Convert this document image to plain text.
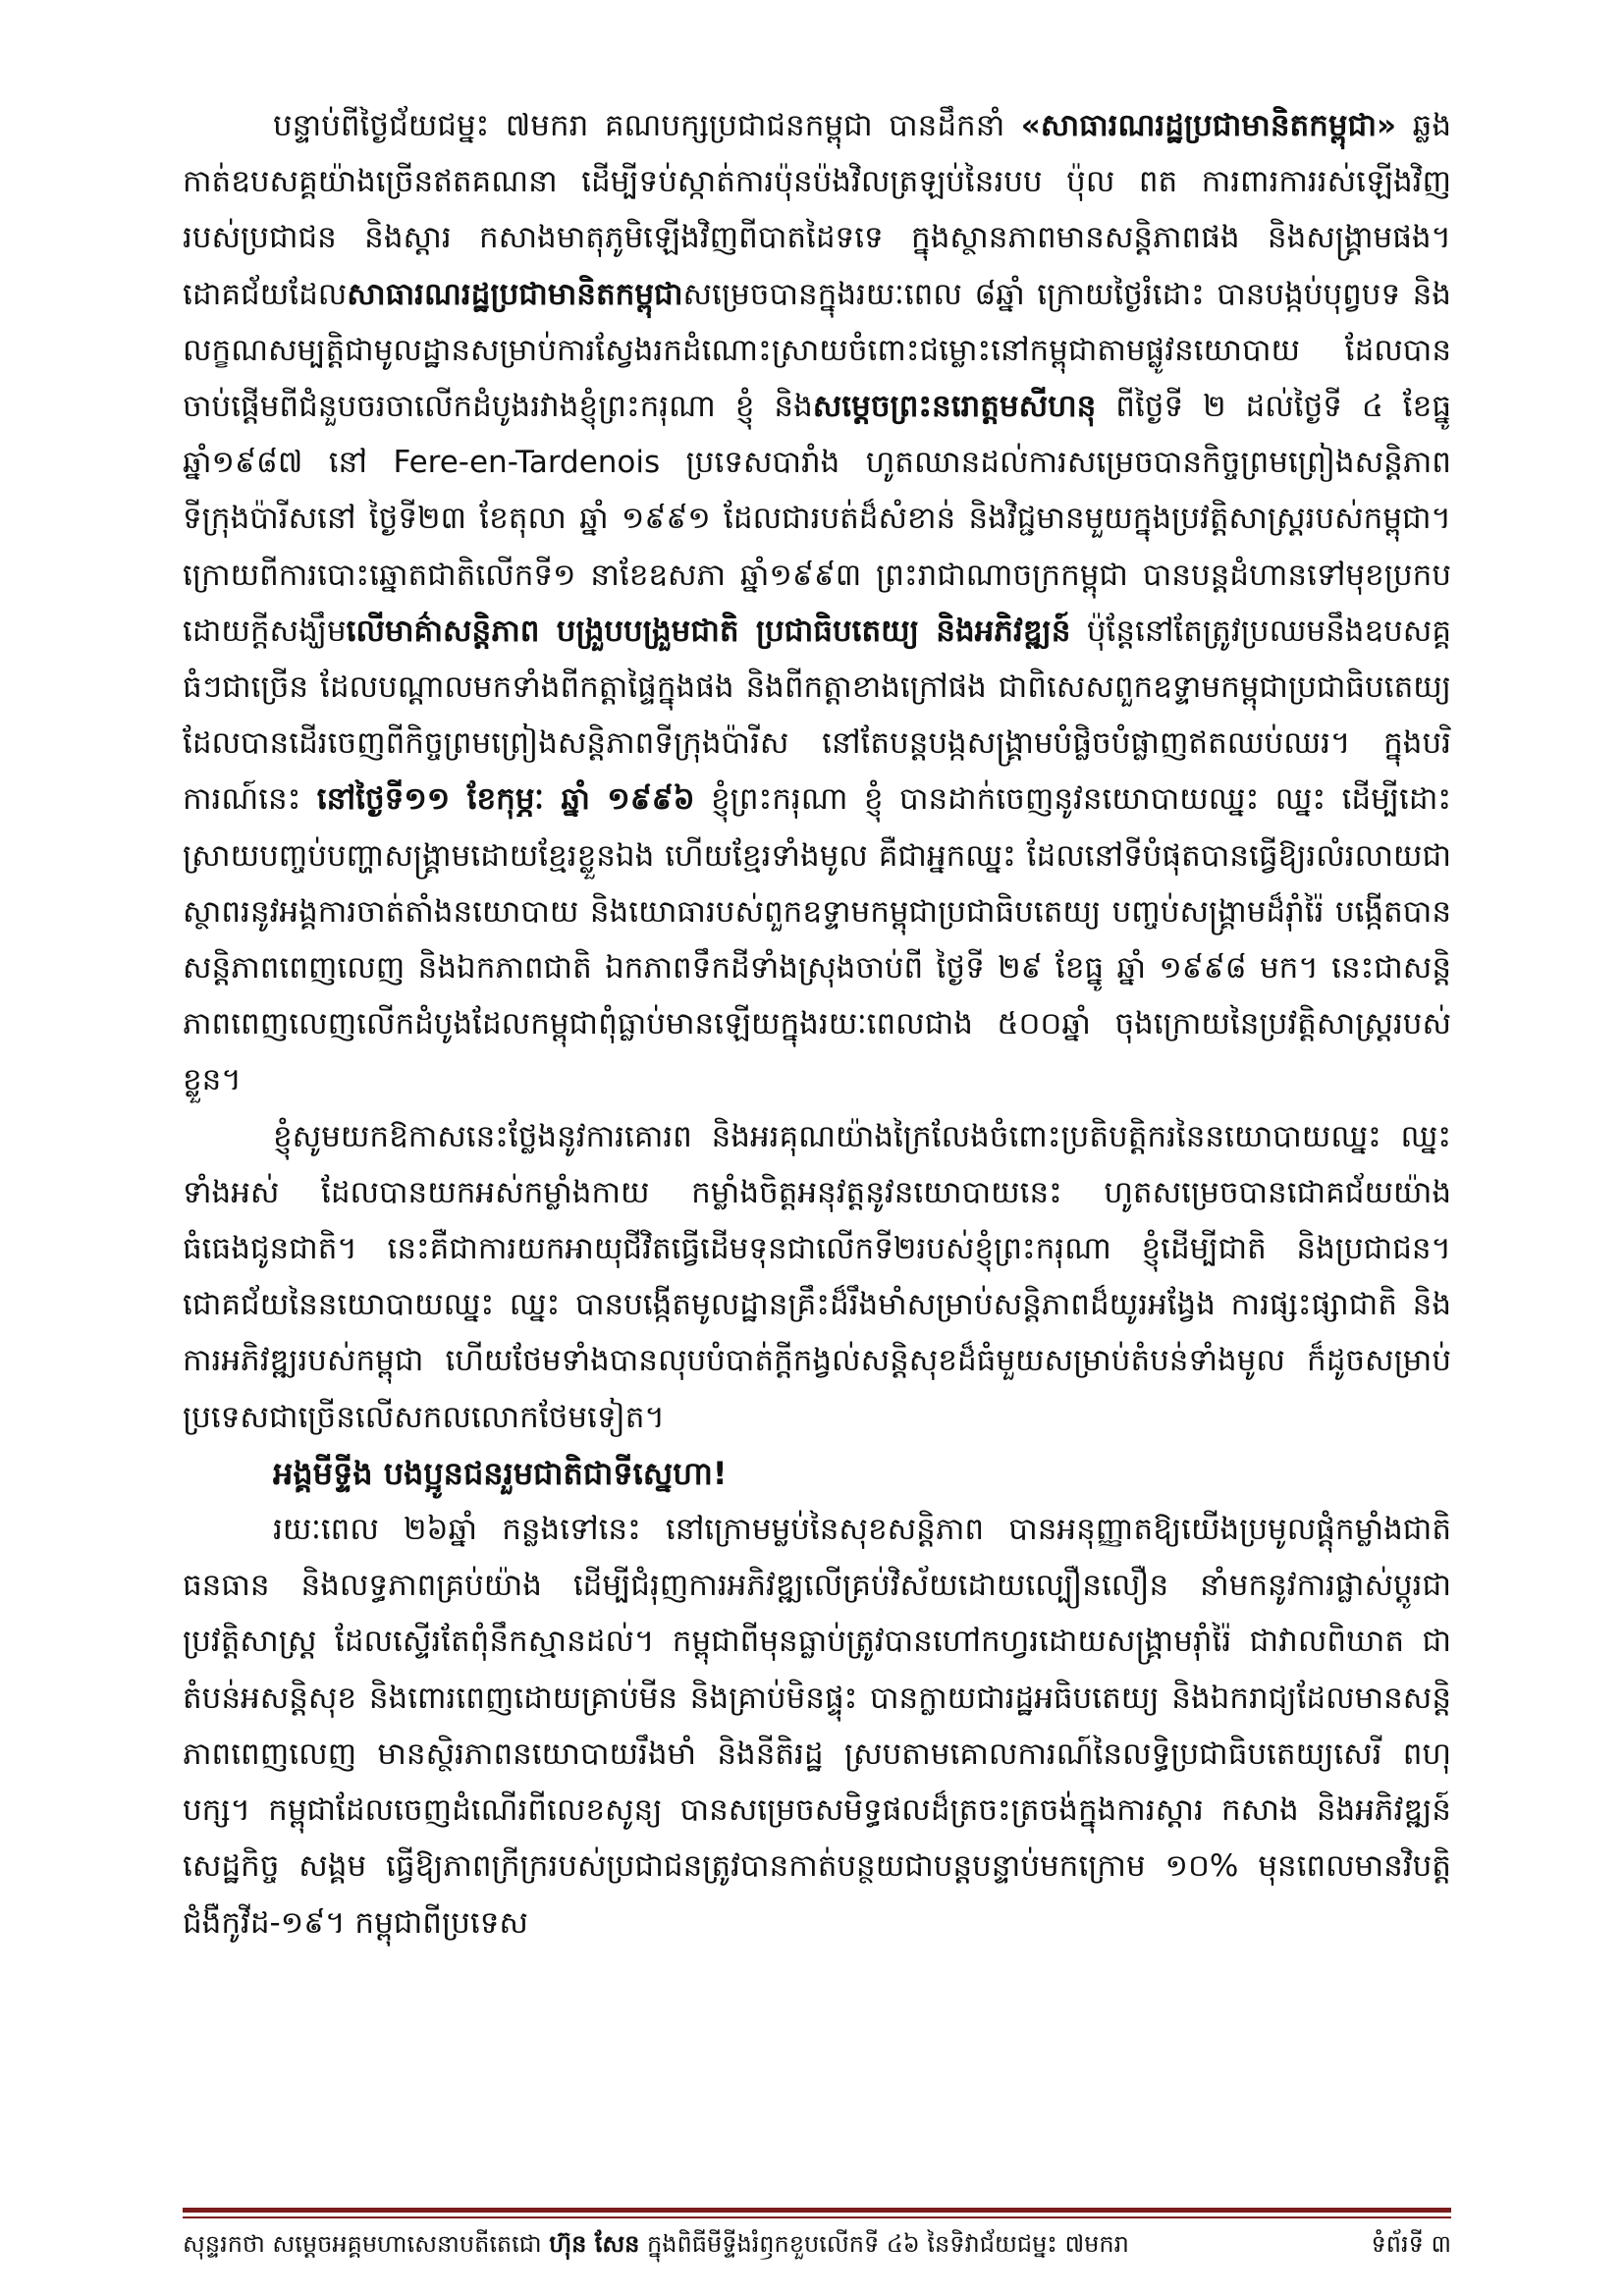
បន្ទាប់ពីថ្ងៃជ័យជម្នះ ៧មករា គណបក្សប្រជាជនកម្ពុជា បានដឹកនាំ «សាធារណរដ្ឋប្រជាមានិតកម្ពុជា» ឆ្លងកាត់ឧបសគ្គយ៉ាងច្រើនឥតគណនា ដើម្បីទប់ស្កាត់ការប៉ុនប៉ងវិលត្រឡប់នៃរបប ប៉ុល ពត ការពារការរស់ឡើងវិញរបស់ប្រជាជន និងស្តារ កសាងមាតុភូមិឡើងវិញពីបាតដៃទទេ ក្នុងស្ថានភាពមានសន្តិភាពផង និងសង្គ្រាមផង។ ដោគជ័យដែលសាធារណរដ្ឋប្រជាមានិតកម្ពុជាសម្រេចបានក្នុងរយៈពេល ៨ឆ្នាំ ក្រោយថ្ងៃរំដោះ បានបង្កប់បុព្វបទ និងលក្ខណសម្បត្តិជាមូលដ្ឋានសម្រាប់ការស្វែងរកដំណោះស្រាយចំពោះជម្លោះនៅកម្ពុជាតាមផ្លូវនយោបាយ ដែលបានចាប់ផ្តើមពីជំនួបចរចាលើកដំបូងរវាងខ្ញុំព្រះករុណា ខ្ញុំ និងសម្តេចព្រះនរោត្តមសីហនុ ពីថ្ងៃទី ២ ដល់ថ្ងៃទី ៤ ខែធ្នូ ឆ្នាំ១៩៨៧ នៅ Fere-en-Tardenois ប្រទេសបារាំង ហូតឈានដល់ការសម្រេចបានកិច្ចព្រមព្រៀងសន្តិភាពទីក្រុងប៉ារីសនៅ ថ្ងៃទី២៣ ខែតុលា ឆ្នាំ ១៩៩១ ដែលជារបត់ដ៏សំខាន់ និងវិជ្ជមានមួយក្នុងប្រវត្តិសាស្ត្ររបស់កម្ពុជា។ ក្រោយពីការបោះឆ្នោតជាតិលើកទី១ នាខែឧសភា ឆ្នាំ១៩៩៣ ព្រះរាជាណាចក្រកម្ពុជា បានបន្តដំហានទៅមុខប្រកបដោយក្តីសង្ឃឹមលើមាគ៌ាសន្តិភាព បង្រួបបង្រួមជាតិ ប្រជាធិបតេយ្យ និងអភិវឌ្ឍន៍ ប៉ុន្តែនៅតែត្រូវប្រឈមនឹងឧបសគ្គធំៗជាច្រើន ដែលបណ្តាលមកទាំងពីកត្តាផ្ទៃក្នុងផង និងពីកត្តាខាងក្រៅផង ជាពិសេសពួកឧទ្ទាមកម្ពុជាប្រជាធិបតេយ្យ ដែលបានដើរចេញពីកិច្ចព្រមព្រៀងសន្តិភាពទីក្រុងប៉ារីស នៅតែបន្តបង្កសង្គ្រាមបំផ្លិចបំផ្លាញឥតឈប់ឈរ។ ក្នុងបរិការណ៍នេះ នៅថ្ងៃទី១១ ខែកុម្ភៈ ឆ្នាំ ១៩៩៦ ខ្ញុំព្រះករុណា ខ្ញុំ បានដាក់ចេញនូវនយោបាយឈ្នះ ឈ្នះ ដើម្បីដោះស្រាយបញ្ចប់បញ្ហាសង្គ្រាមដោយខ្មែរខ្លួនឯង ហើយខ្មែរទាំងមូល គឺជាអ្នកឈ្នះ ដែលនៅទីបំផុតបានធ្វើឱ្យរលំរលាយជាស្ថាពរនូវអង្គការចាត់តាំងនយោបាយ និងយោធារបស់ពួកឧទ្ទាមកម្ពុជាប្រជាធិបតេយ្យ បញ្ចប់សង្គ្រាមដ៏រ៉ាំរ៉ៃ បង្កើតបានសន្តិភាពពេញលេញ និងឯកភាពជាតិ ឯកភាពទឹកដីទាំងស្រុងចាប់ពី ថ្ងៃទី ២៩ ខែធ្នូ ឆ្នាំ ១៩៩៨ មក។ នេះជាសន្តិភាពពេញលេញលើកដំបូងដែលកម្ពុជាពុំធ្លាប់មានឡើយក្នុងរយៈពេលជាង ៥០០ឆ្នាំ ចុងក្រោយនៃប្រវត្តិសាស្ត្ររបស់ខ្លួន។

ខ្ញុំសូមយកឱកាសនេះថ្លែងនូវការគោរព និងអរគុណយ៉ាងក្រៃលែងចំពោះប្រតិបត្តិករនៃនយោបាយឈ្នះ ឈ្នះ ទាំងអស់ ដែលបានយកអស់កម្លាំងកាយ កម្លាំងចិត្តអនុវត្តនូវនយោបាយនេះ ហូតសម្រេចបានជោគជ័យយ៉ាងធំធេងជូនជាតិ។ នេះគឺជាការយកអាយុជីវិតធ្វើដើមទុនជាលើកទី២របស់ខ្ញុំព្រះករុណា ខ្ញុំដើម្បីជាតិ និងប្រជាជន។ ជោគជ័យនៃនយោបាយឈ្នះ ឈ្នះ បានបង្កើតមូលដ្ឋានគ្រឹះដ៏រឹងមាំសម្រាប់សន្តិភាពដ៏យូរអង្វែង ការផ្សះផ្សាជាតិ និងការអភិវឌ្ឍរបស់កម្ពុជា ហើយថែមទាំងបានលុបបំបាត់ក្តីកង្វល់សន្តិសុខដ៏ធំមួយសម្រាប់តំបន់ទាំងមូល ក៏ដូចសម្រាប់ប្រទេសជាច្រើនលើសកលលោកថែមទៀត។

អង្គមីទ្ទីង បងប្អូនជនរួមជាតិជាទីស្នេហា!

រយៈពេល ២៦ឆ្នាំ កន្លងទៅនេះ នៅក្រោមម្លប់នៃសុខសន្តិភាព បានអនុញ្ញាតឱ្យយើងប្រមូលផ្តុំកម្លាំងជាតិ ធនធាន និងលទ្ធភាពគ្រប់យ៉ាង ដើម្បីជំរុញការអភិវឌ្ឍលើគ្រប់វិស័យដោយល្បឿនលឿន នាំមកនូវការផ្លាស់ប្តូរជាប្រវត្តិសាស្ត្រ ដែលស្ទើរតែពុំនឹកស្មានដល់។ កម្ពុជាពីមុនធ្លាប់ត្រូវបានហៅកហ្វរដោយសង្គ្រាមរ៉ាំរ៉ៃ ជាវាលពិឃាត ជាតំបន់អសន្តិសុខ និងពោរពេញដោយគ្រាប់មីន និងគ្រាប់មិនផ្ទុះ បានក្លាយជារដ្ឋអធិបតេយ្យ និងឯករាជ្យដែលមានសន្តិភាពពេញលេញ មានស្ថិរភាពនយោបាយរឹងមាំ និងនីតិរដ្ឋ ស្របតាមគោលការណ៍នៃលទ្ធិប្រជាធិបតេយ្យសេរី ពហុបក្ស។ កម្ពុជាដែលចេញដំណើរពីលេខសូន្យ បានសម្រេចសមិទ្ធផលដ៏ត្រចះត្រចង់ក្នុងការស្តារ កសាង និងអភិវឌ្ឍន៍សេដ្ឋកិច្ច សង្គម ធ្វើឱ្យភាពក្រីក្ររបស់ប្រជាជនត្រូវបានកាត់បន្ថយជាបន្តបន្ទាប់មកក្រោម ១០% មុនពេលមានវិបត្តិជំងឺកូវីដ-១៩។ កម្ពុជាពីប្រទេស

សុន្ទរកថា សម្តេចអគ្គមហាសេនាបតីតេជោ ហ៊ុន សែន ក្នុងពិធីមីទ្ទីងរំឭកខួបលើកទី ៤៦ នៃទិវាជ័យជម្នះ ៧មករា	ទំព័រទី ៣
